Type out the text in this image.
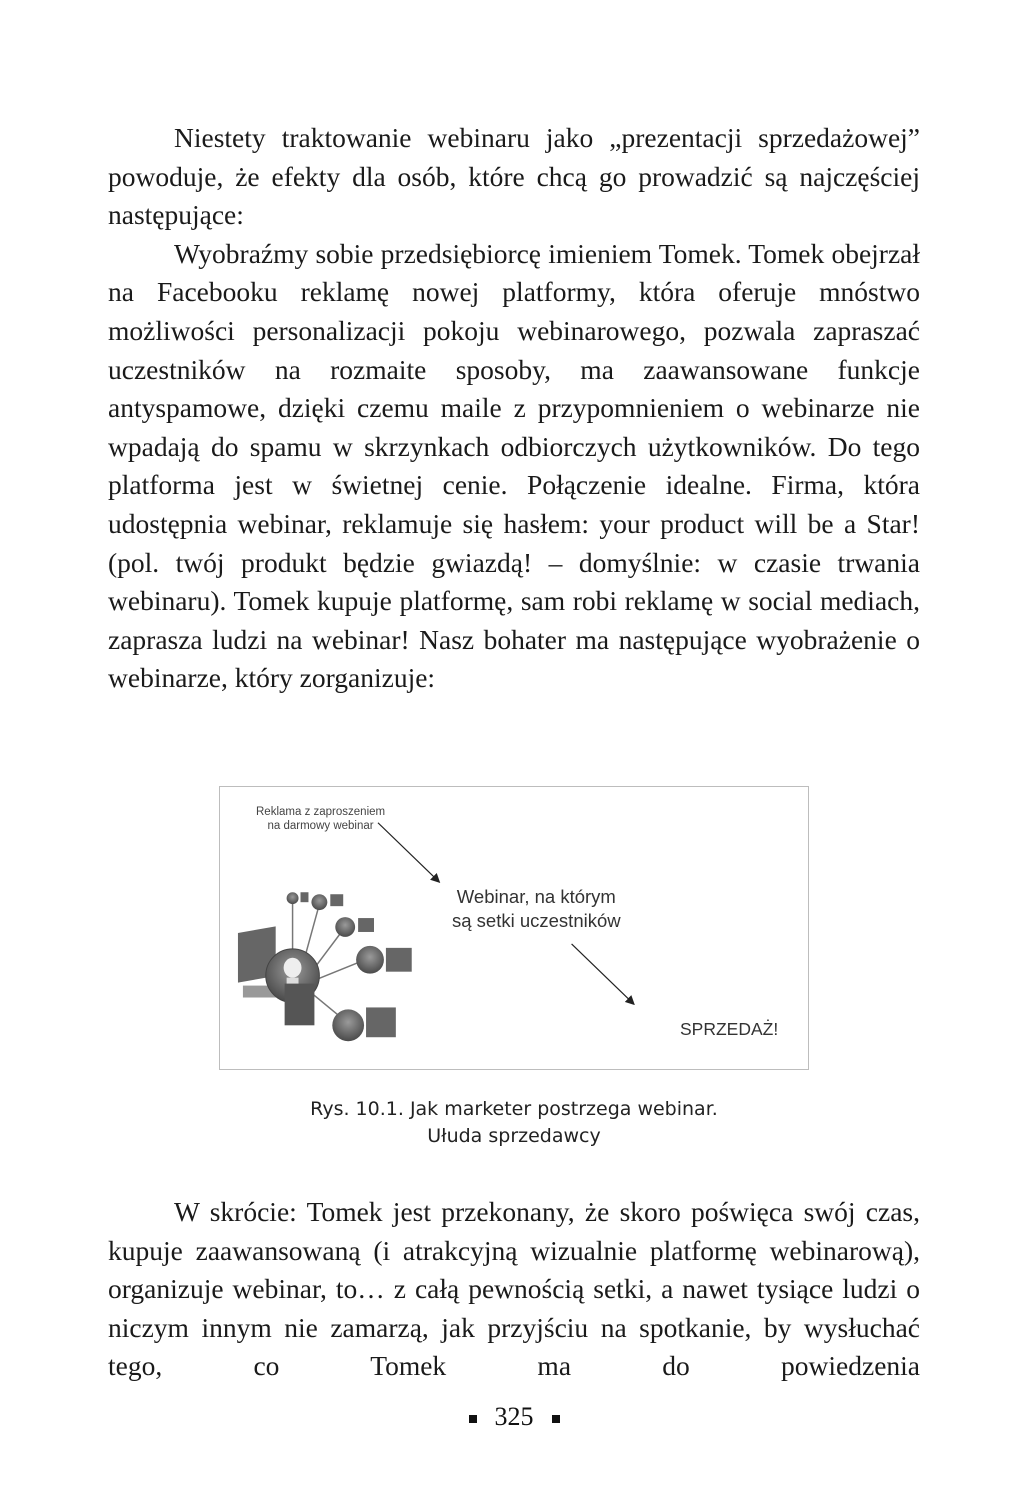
Niestety traktowanie webinaru jako „prezentacji sprzedażowej” powoduje, że efekty dla osób, które chcą go prowadzić są najczęściej następujące:

Wyobraźmy sobie przedsiębiorcę imieniem Tomek. Tomek obejrzał na Facebooku reklamę nowej platformy, która oferuje mnóstwo możliwości personalizacji pokoju webinarowego, pozwala zapraszać uczestników na rozmaite sposoby, ma zaawansowane funkcje antyspamowe, dzięki czemu maile z przypomnieniem o webinarze nie wpadają do spamu w skrzynkach odbiorczych użytkowników. Do tego platforma jest w świetnej cenie. Połączenie idealne. Firma, która udostępnia webinar, reklamuje się hasłem: your product will be a Star! (pol. twój produkt będzie gwiazdą! – domyślnie: w czasie trwania webinaru). Tomek kupuje platformę, sam robi reklamę w social mediach, zaprasza ludzi na webinar! Nasz bohater ma następujące wyobrażenie o webinarze, który zorganizuje:

Reklama z zaproszeniem
na darmowy webinar
Webinar, na którym
są setki uczestników
SPRZEDAŻ!
Rys. 10.1. Jak marketer postrzega webinar.
Ułuda sprzedawcy

W skrócie: Tomek jest przekonany, że skoro poświęca swój czas, kupuje zaawansowaną (i atrakcyjną wizualnie platformę webinarową), organizuje webinar, to… z całą pewnością setki, a nawet tysiące ludzi o niczym innym nie zamarzą, jak przyjściu na spotkanie, by wysłuchać tego, co Tomek ma do powiedzenia

325
